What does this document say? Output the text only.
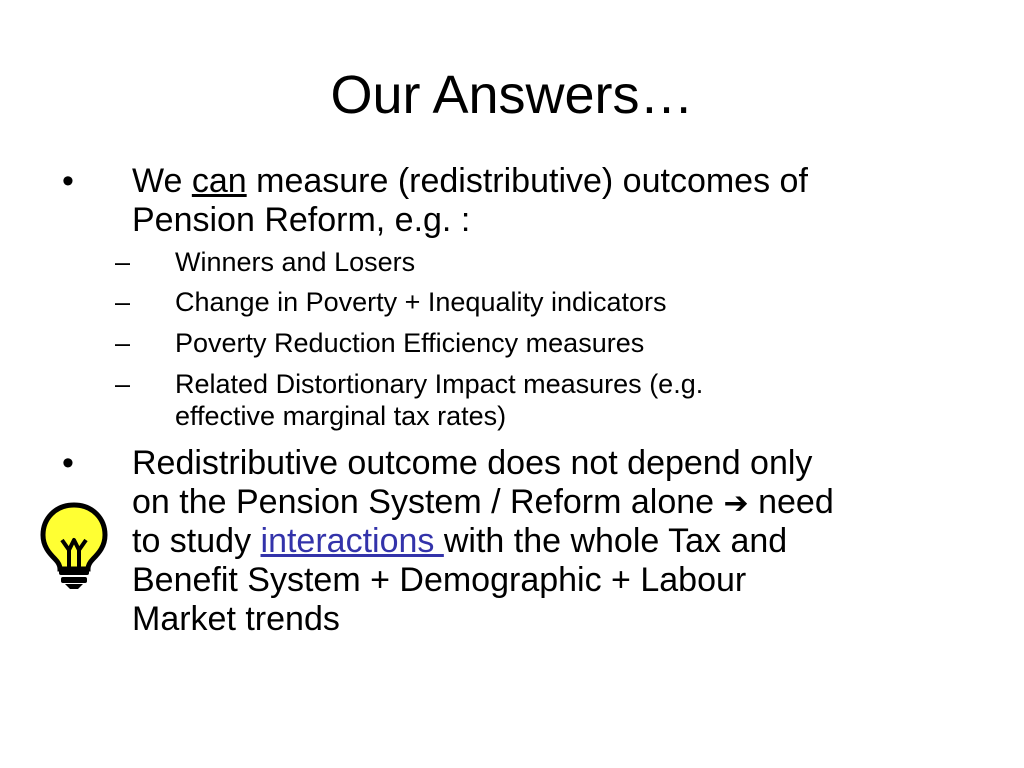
Our Answers…
• We can measure (redistributive) outcomes of
Pension Reform, e.g. :
– Winners and Losers
– Change in Poverty + Inequality indicators
– Poverty Reduction Efficiency measures
– Related Distortionary Impact measures (e.g.
effective marginal tax rates)
• Redistributive outcome does not depend only
on the Pension System / Reform alone ➔ need
to study interactions with the whole Tax and
Benefit System + Demographic + Labour
Market trends
